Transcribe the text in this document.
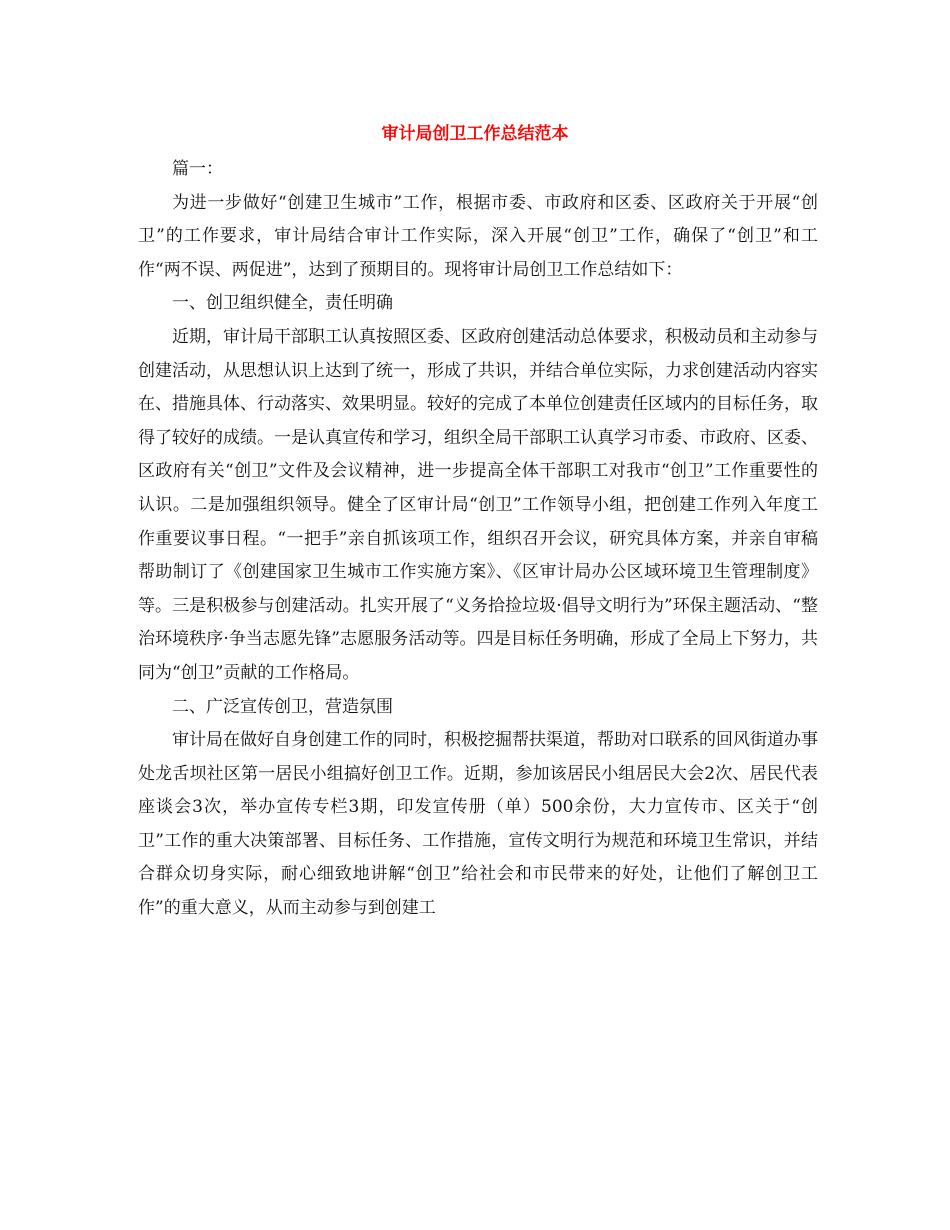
审计局创卫工作总结范本

篇一：

为进一步做好“创建卫生城市”工作，根据市委、市政府和区委、区政府关于开展“创卫”的工作要求，审计局结合审计工作实际，深入开展“创卫”工作，确保了“创卫”和工作“两不误、两促进”，达到了预期目的。现将审计局创卫工作总结如下：

一、创卫组织健全，责任明确

近期，审计局干部职工认真按照区委、区政府创建活动总体要求，积极动员和主动参与创建活动，从思想认识上达到了统一，形成了共识，并结合单位实际，力求创建活动内容实在、措施具体、行动落实、效果明显。较好的完成了本单位创建责任区域内的目标任务，取得了较好的成绩。一是认真宣传和学习，组织全局干部职工认真学习市委、市政府、区委、区政府有关“创卫”文件及会议精神，进一步提高全体干部职工对我市“创卫”工作重要性的认识。二是加强组织领导。健全了区审计局“创卫”工作领导小组，把创建工作列入年度工作重要议事日程。“一把手”亲自抓该项工作，组织召开会议，研究具体方案，并亲自审稿帮助制订了《创建国家卫生城市工作实施方案》、《区审计局办公区域环境卫生管理制度》等。三是积极参与创建活动。扎实开展了“义务拾捡垃圾·倡导文明行为”环保主题活动、“整治环境秩序·争当志愿先锋”志愿服务活动等。四是目标任务明确，形成了全局上下努力，共同为“创卫”贡献的工作格局。

二、广泛宣传创卫，营造氛围

审计局在做好自身创建工作的同时，积极挖掘帮扶渠道，帮助对口联系的回风街道办事处龙舌坝社区第一居民小组搞好创卫工作。近期，参加该居民小组居民大会2次、居民代表座谈会3次，举办宣传专栏3期，印发宣传册（单）500余份，大力宣传市、区关于“创卫”工作的重大决策部署、目标任务、工作措施，宣传文明行为规范和环境卫生常识，并结合群众切身实际，耐心细致地讲解“创卫”给社会和市民带来的好处，让他们了解创卫工作”的重大意义，从而主动参与到创建工
